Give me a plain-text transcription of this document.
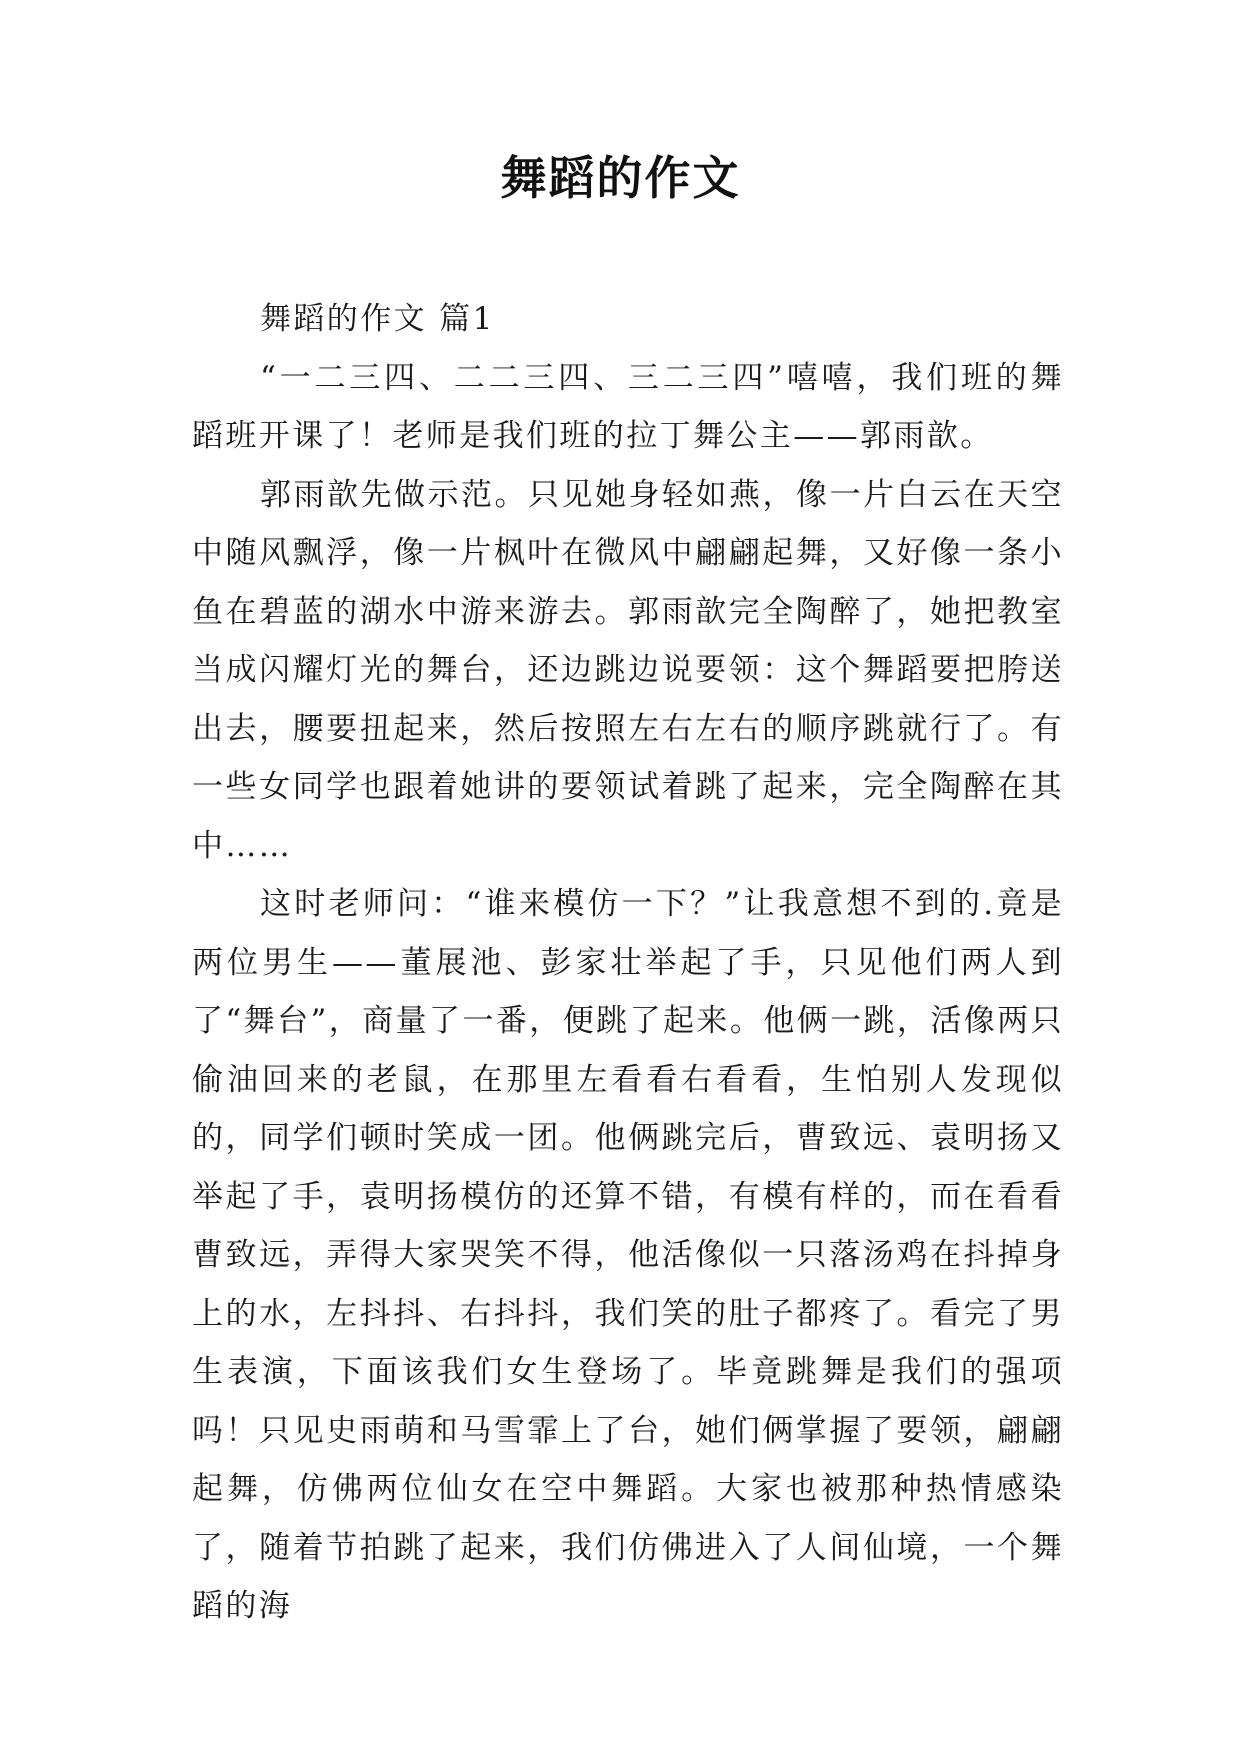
舞蹈的作文

舞蹈的作文 篇1

“一二三四、二二三四、三二三四”嘻嘻，我们班的舞蹈班开课了！老师是我们班的拉丁舞公主——郭雨歆。

郭雨歆先做示范。只见她身轻如燕，像一片白云在天空中随风飘浮，像一片枫叶在微风中翩翩起舞，又好像一条小鱼在碧蓝的湖水中游来游去。郭雨歆完全陶醉了，她把教室当成闪耀灯光的舞台，还边跳边说要领：这个舞蹈要把胯送出去，腰要扭起来，然后按照左右左右的顺序跳就行了。有一些女同学也跟着她讲的要领试着跳了起来，完全陶醉在其中……

这时老师问：“谁来模仿一下？”让我意想不到的.竟是两位男生——董展池、彭家壮举起了手，只见他们两人到了“舞台”，商量了一番，便跳了起来。他俩一跳，活像两只偷油回来的老鼠，在那里左看看右看看，生怕别人发现似的，同学们顿时笑成一团。他俩跳完后，曹致远、袁明扬又举起了手，袁明扬模仿的还算不错，有模有样的，而在看看曹致远，弄得大家哭笑不得，他活像似一只落汤鸡在抖掉身上的水，左抖抖、右抖抖，我们笑的肚子都疼了。看完了男生表演，下面该我们女生登场了。毕竟跳舞是我们的强项吗！只见史雨萌和马雪霏上了台，她们俩掌握了要领，翩翩起舞，仿佛两位仙女在空中舞蹈。大家也被那种热情感染了，随着节拍跳了起来，我们仿佛进入了人间仙境，一个舞蹈的海
